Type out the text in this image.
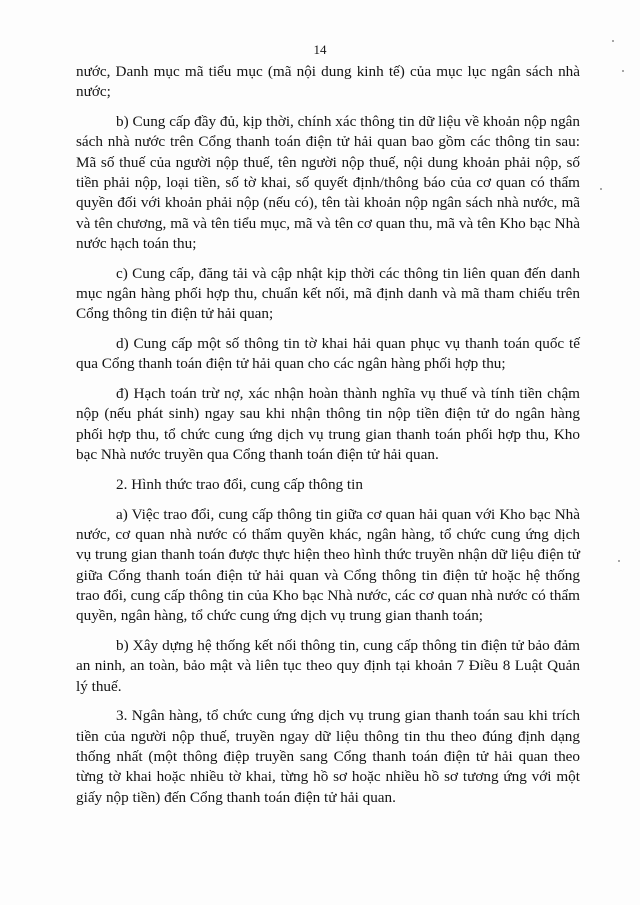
14

nước, Danh mục mã tiểu mục (mã nội dung kinh tế) của mục lục ngân sách nhà nước;

b) Cung cấp đầy đủ, kịp thời, chính xác thông tin dữ liệu về khoản nộp ngân sách nhà nước trên Cổng thanh toán điện tử hải quan bao gồm các thông tin sau: Mã số thuế của người nộp thuế, tên người nộp thuế, nội dung khoản phải nộp, số tiền phải nộp, loại tiền, số tờ khai, số quyết định/thông báo của cơ quan có thẩm quyền đối với khoản phải nộp (nếu có), tên tài khoản nộp ngân sách nhà nước, mã và tên chương, mã và tên tiểu mục, mã và tên cơ quan thu, mã và tên Kho bạc Nhà nước hạch toán thu;

c) Cung cấp, đăng tải và cập nhật kịp thời các thông tin liên quan đến danh mục ngân hàng phối hợp thu, chuẩn kết nối, mã định danh và mã tham chiếu trên Cổng thông tin điện tử hải quan;

d) Cung cấp một số thông tin tờ khai hải quan phục vụ thanh toán quốc tế qua Cổng thanh toán điện tử hải quan cho các ngân hàng phối hợp thu;

đ) Hạch toán trừ nợ, xác nhận hoàn thành nghĩa vụ thuế và tính tiền chậm nộp (nếu phát sinh) ngay sau khi nhận thông tin nộp tiền điện tử do ngân hàng phối hợp thu, tổ chức cung ứng dịch vụ trung gian thanh toán phối hợp thu, Kho bạc Nhà nước truyền qua Cổng thanh toán điện tử hải quan.

2. Hình thức trao đổi, cung cấp thông tin

a) Việc trao đổi, cung cấp thông tin giữa cơ quan hải quan với Kho bạc Nhà nước, cơ quan nhà nước có thẩm quyền khác, ngân hàng, tổ chức cung ứng dịch vụ trung gian thanh toán được thực hiện theo hình thức truyền nhận dữ liệu điện tử giữa Cổng thanh toán điện tử hải quan và Cổng thông tin điện tử hoặc hệ thống trao đổi, cung cấp thông tin của Kho bạc Nhà nước, các cơ quan nhà nước có thẩm quyền, ngân hàng, tổ chức cung ứng dịch vụ trung gian thanh toán;

b) Xây dựng hệ thống kết nối thông tin, cung cấp thông tin điện tử bảo đảm an ninh, an toàn, bảo mật và liên tục theo quy định tại khoản 7 Điều 8 Luật Quản lý thuế.

3. Ngân hàng, tổ chức cung ứng dịch vụ trung gian thanh toán sau khi trích tiền của người nộp thuế, truyền ngay dữ liệu thông tin thu theo đúng định dạng thống nhất (một thông điệp truyền sang Cổng thanh toán điện tử hải quan theo từng tờ khai hoặc nhiều tờ khai, từng hồ sơ hoặc nhiều hồ sơ tương ứng với một giấy nộp tiền) đến Cổng thanh toán điện tử hải quan.
